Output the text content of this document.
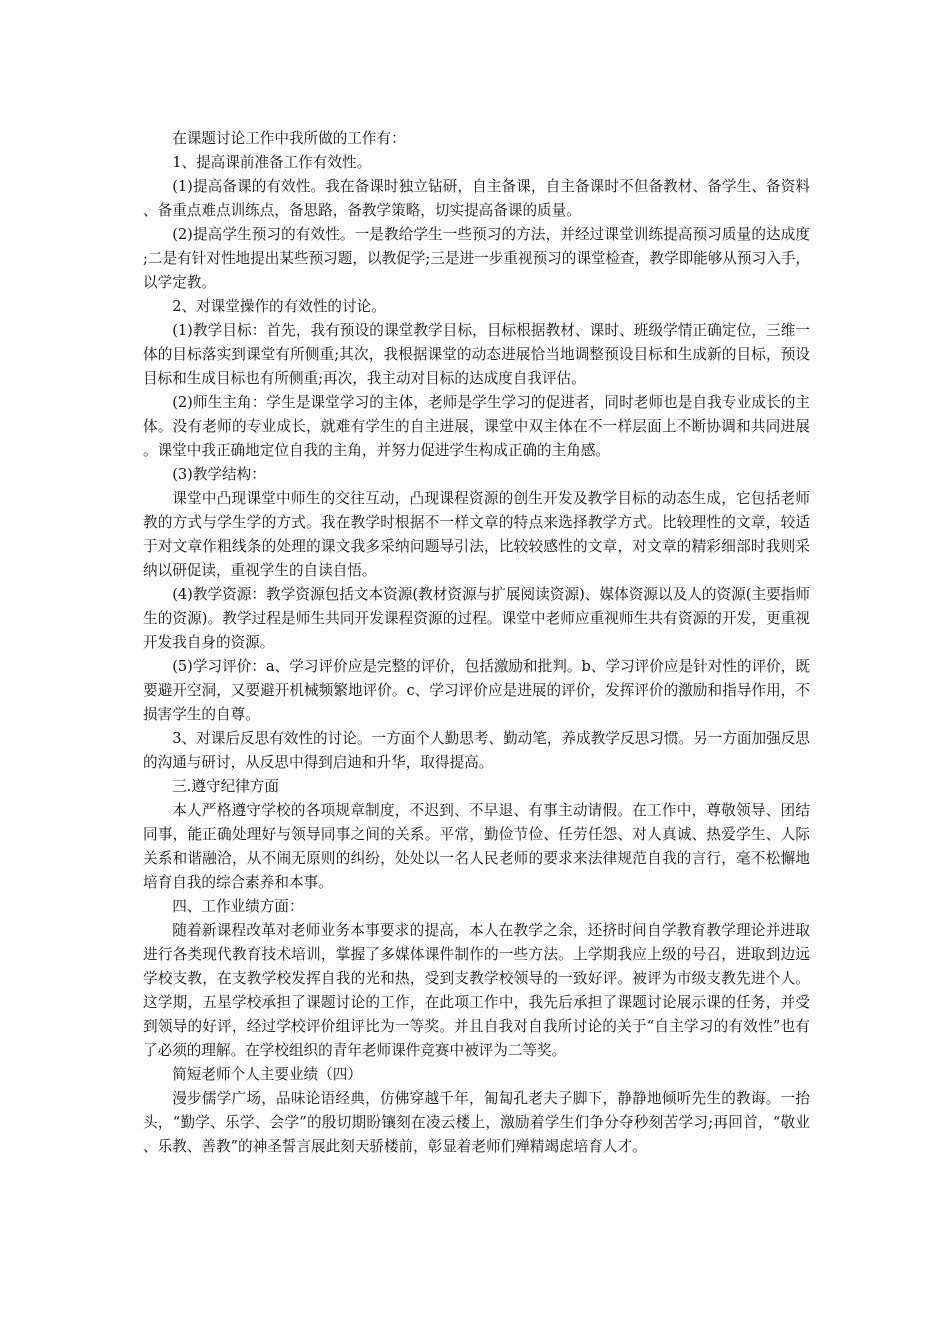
在课题讨论工作中我所做的工作有：

1、提高课前准备工作有效性。

(1)提高备课的有效性。我在备课时独立钻研，自主备课，自主备课时不但备教材、备学生、备资料、备重点难点训练点，备思路，备教学策略，切实提高备课的质量。

(2)提高学生预习的有效性。一是教给学生一些预习的方法，并经过课堂训练提高预习质量的达成度;二是有针对性地提出某些预习题，以教促学;三是进一步重视预习的课堂检查，教学即能够从预习入手，以学定教。

2、对课堂操作的有效性的讨论。

(1)教学目标：首先，我有预设的课堂教学目标，目标根据教材、课时、班级学情正确定位，三维一体的目标落实到课堂有所侧重;其次，我根据课堂的动态进展恰当地调整预设目标和生成新的目标，预设目标和生成目标也有所侧重;再次，我主动对目标的达成度自我评估。

(2)师生主角：学生是课堂学习的主体，老师是学生学习的促进者，同时老师也是自我专业成长的主体。没有老师的专业成长，就难有学生的自主进展，课堂中双主体在不一样层面上不断协调和共同进展。课堂中我正确地定位自我的主角，并努力促进学生构成正确的主角感。

(3)教学结构：

课堂中凸现课堂中师生的交往互动，凸现课程资源的创生开发及教学目标的动态生成，它包括老师教的方式与学生学的方式。我在教学时根据不一样文章的特点来选择教学方式。比较理性的文章，较适于对文章作粗线条的处理的课文我多采纳问题导引法，比较较感性的文章，对文章的精彩细部时我则采纳以研促读，重视学生的自读自悟。

(4)教学资源：教学资源包括文本资源(教材资源与扩展阅读资源)、媒体资源以及人的资源(主要指师生的资源)。教学过程是师生共同开发课程资源的过程。课堂中老师应重视师生共有资源的开发，更重视开发我自身的资源。

(5)学习评价：a、学习评价应是完整的评价，包括激励和批判。b、学习评价应是针对性的评价，既要避开空洞，又要避开机械频繁地评价。c、学习评价应是进展的评价，发挥评价的激励和指导作用，不损害学生的自尊。

3、对课后反思有效性的讨论。一方面个人勤思考、勤动笔，养成教学反思习惯。另一方面加强反思的沟通与研讨，从反思中得到启迪和升华，取得提高。

三.遵守纪律方面

本人严格遵守学校的各项规章制度，不迟到、不早退、有事主动请假。在工作中，尊敬领导、团结同事，能正确处理好与领导同事之间的关系。平常，勤俭节俭、任劳任怨、对人真诚、热爱学生、人际关系和谐融洽，从不闹无原则的纠纷，处处以一名人民老师的要求来法律规范自我的言行，毫不松懈地培育自我的综合素养和本事。

四、工作业绩方面：

随着新课程改革对老师业务本事要求的提高，本人在教学之余，还挤时间自学教育教学理论并进取进行各类现代教育技术培训，掌握了多媒体课件制作的一些方法。上学期我应上级的号召，进取到边远学校支教，在支教学校发挥自我的光和热，受到支教学校领导的一致好评。被评为市级支教先进个人。这学期，五星学校承担了课题讨论的工作，在此项工作中，我先后承担了课题讨论展示课的任务，并受到领导的好评，经过学校评价组评比为一等奖。并且自我对自我所讨论的关于“自主学习的有效性”也有了必须的理解。在学校组织的青年老师课件竞赛中被评为二等奖。

简短老师个人主要业绩（四）

漫步儒学广场，品味论语经典，仿佛穿越千年，匍匐孔老夫子脚下，静静地倾听先生的教诲。一抬头，“勤学、乐学、会学”的殷切期盼镶刻在凌云楼上，激励着学生们争分夺秒刻苦学习;再回首，“敬业、乐教、善教”的神圣誓言展此刻天骄楼前，彰显着老师们殚精竭虑培育人才。
